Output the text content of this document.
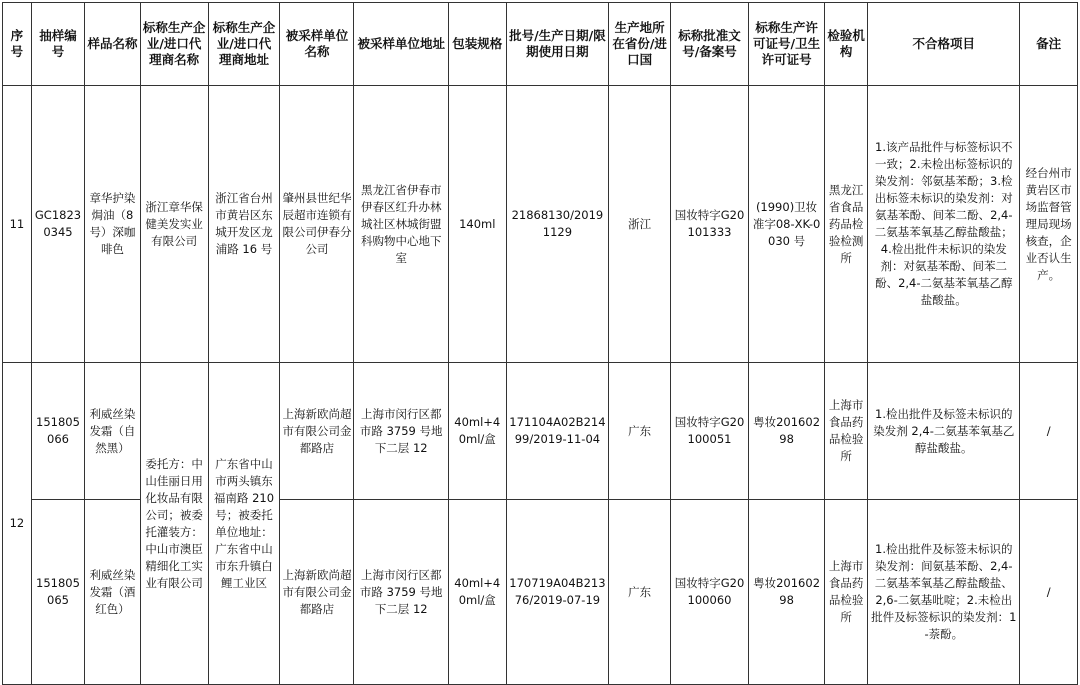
序号	抽样编号	样品名称	标称生产企业/进口代理商名称	标称生产企业/进口代理商地址	被采样单位名称	被采样单位地址	包装规格	批号/生产日期/限期使用日期	生产地所在省份/进口国	标称批准文号/备案号	标称生产许可证号/卫生许可证号	检验机构	不合格项目	备注
11	GC18230345	章华护染焗油（8号）深咖啡色	浙江章华保健美发实业有限公司	浙江省台州市黄岩区东城开发区龙浦路 16 号	肇州县世纪华辰超市连锁有限公司伊春分公司	黑龙江省伊春市伊春区红升办林城社区林城街盟科购物中心地下室	140ml	21868130/20191129	浙江	国妆特字G20101333	(1990)卫妆准字08-XK-0030 号	黑龙江省食品药品检验检测所	1.该产品批件与标签标识不一致；2.未检出标签标识的染发剂：邻氨基苯酚；3.检出标签未标识的染发剂：对氨基苯酚、间苯二酚、2,4-二氨基苯氧基乙醇盐酸盐；4.检出批件未标识的染发剂：对氨基苯酚、间苯二酚、2,4-二氨基苯氧基乙醇盐酸盐。	经台州市黄岩区市场监督管理局现场核查，企业否认生产。
12	151805066	利威丝染发霜（自然黑）	委托方：中山佳丽日用化妆品有限公司；被委托灌装方：中山市澳臣精细化工实业有限公司	广东省中山市两头镇东福南路 210 号；被委托单位地址：广东省中山市东升镇白鲤工业区	上海新欧尚超市有限公司金都路店	上海市闵行区都市路 3759 号地下二层 12	40ml+40ml/盒	171104A02B21499/2019-11-04	广东	国妆特字G20100051	粤妆20160298	上海市食品药品检验所	1.检出批件及标签未标识的染发剂 2,4-二氨基苯氧基乙醇盐酸盐。	/
	151805065	利威丝染发霜（酒红色）			上海新欧尚超市有限公司金都路店	上海市闵行区都市路 3759 号地下二层 12	40ml+40ml/盒	170719A04B21376/2019-07-19	广东	国妆特字G20100060	粤妆20160298	上海市食品药品检验所	1.检出批件及标签未标识的染发剂：间氨基苯酚、2,4-二氨基苯氧基乙醇盐酸盐、2,6-二氨基吡啶；2.未检出批件及标签标识的染发剂：1-萘酚。	/
